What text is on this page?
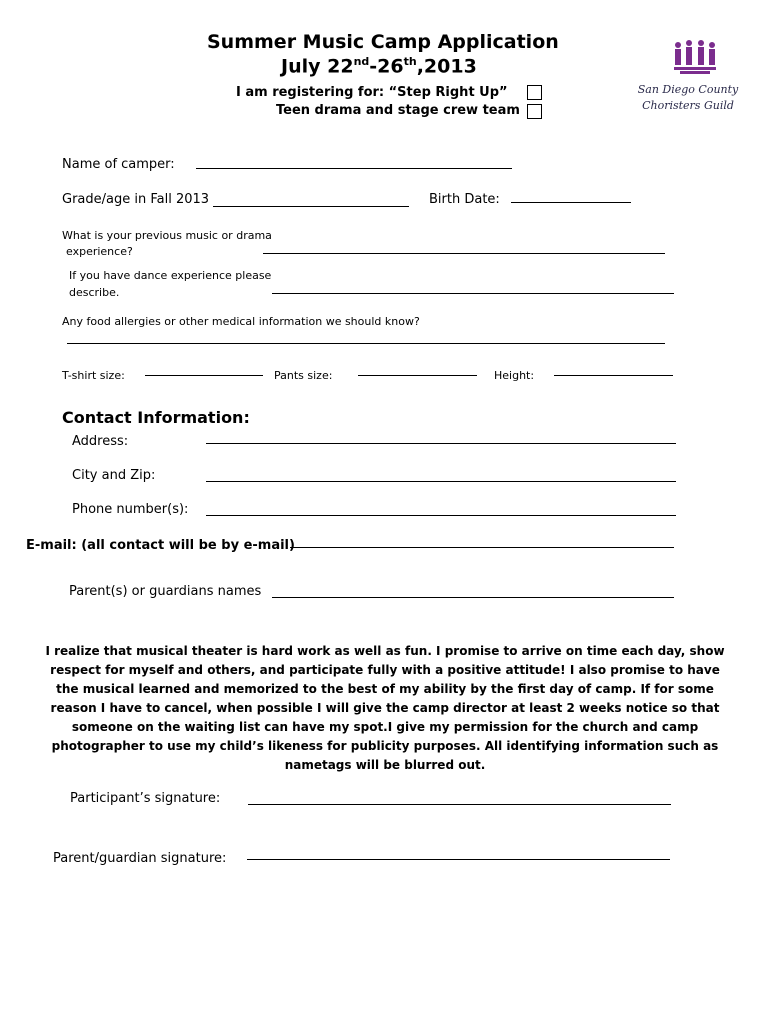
Summer Music Camp Application
July 22nd-26th,2013
I am registering for: “Step Right Up”
Teen drama and stage crew team
San Diego County
Choristers Guild
Name of camper:
Grade/age in Fall 2013	Birth Date:
What is your previous music or drama
experience?
If you have dance experience please
describe.
Any food allergies or other medical information we should know?
T-shirt size:	Pants size:	Height:
Contact Information:
Address:
City and Zip:
Phone number(s):
E-mail: (all contact will be by e-mail)
Parent(s) or guardians names
I realize that musical theater is hard work as well as fun. I promise to arrive on time each day, show respect for myself and others, and participate fully with a positive attitude! I also promise to have the musical learned and memorized to the best of my ability by the first day of camp. If for some reason I have to cancel, when possible I will give the camp director at least 2 weeks notice so that someone on the waiting list can have my spot.I give my permission for the church and camp photographer to use my child’s likeness for publicity purposes. All identifying information such as nametags will be blurred out.
Participant’s signature:
Parent/guardian signature:
